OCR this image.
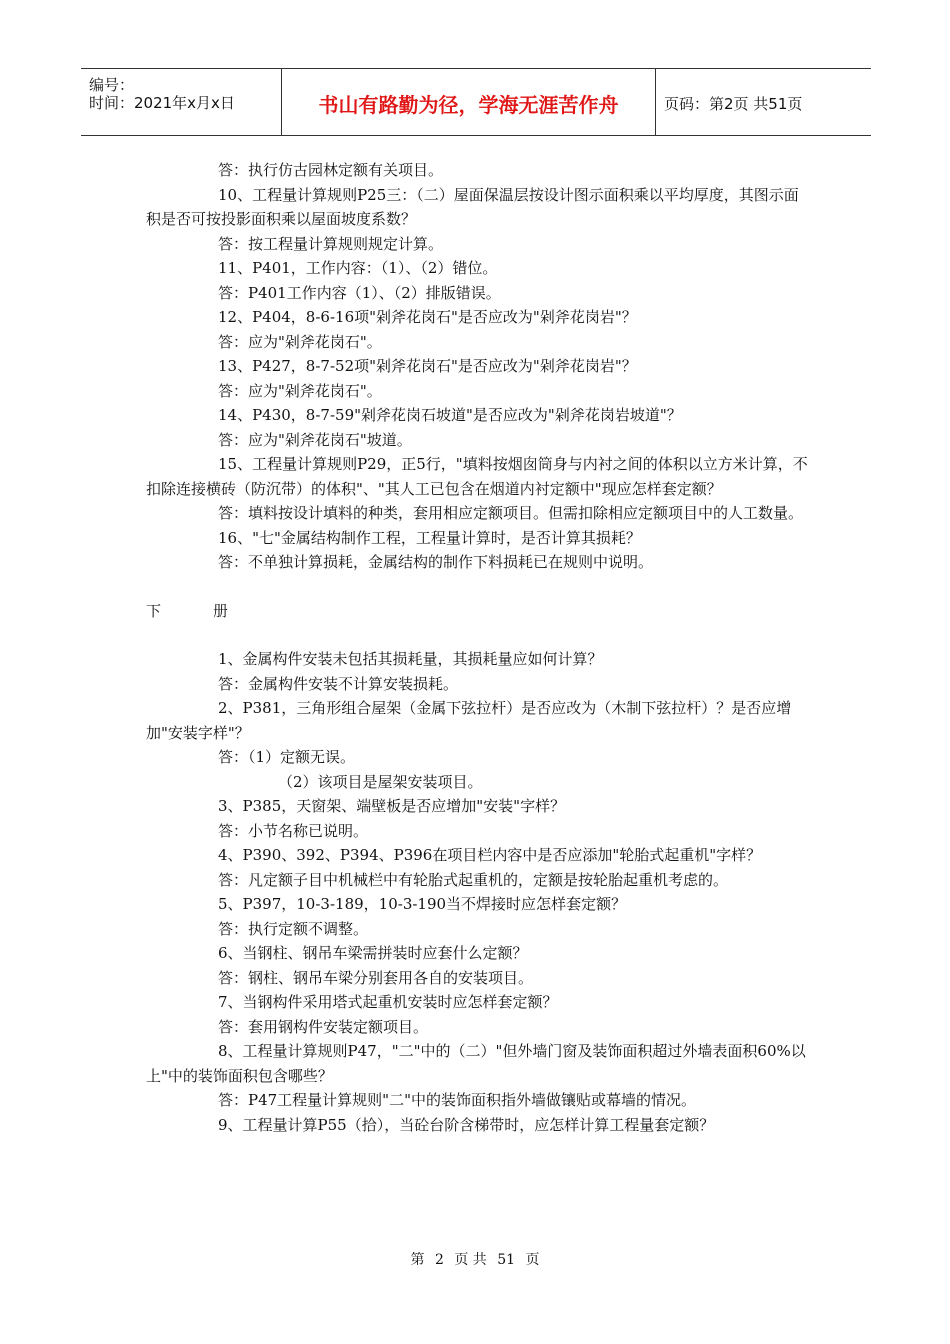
编号：
时间：2021年x月x日	书山有路勤为径，学海无涯苦作舟	页码：第2页 共51页

答：执行仿古园林定额有关项目。

10、工程量计算规则P25三：（二）屋面保温层按设计图示面积乘以平均厚度，其图示面积是否可按投影面积乘以屋面坡度系数？

答：按工程量计算规则规定计算。

11、P401，工作内容：（1）、（2）错位。

答：P401工作内容（1）、（2）排版错误。

12、P404，8-6-16项"剁斧花岗石"是否应改为"剁斧花岗岩"？

答：应为"剁斧花岗石"。

13、P427，8-7-52项"剁斧花岗石"是否应改为"剁斧花岗岩"？

答：应为"剁斧花岗石"。

14、P430，8-7-59"剁斧花岗石坡道"是否应改为"剁斧花岗岩坡道"？

答：应为"剁斧花岗石"坡道。

15、工程量计算规则P29，正5行，"填料按烟囱筒身与内衬之间的体积以立方米计算，不扣除连接横砖（防沉带）的体积"、"其人工已包含在烟道内衬定额中"现应怎样套定额？

答：填料按设计填料的种类，套用相应定额项目。但需扣除相应定额项目中的人工数量。

16、"七"金属结构制作工程，工程量计算时，是否计算其损耗？

答：不单独计算损耗，金属结构的制作下料损耗已在规则中说明。

下册

1、金属构件安装未包括其损耗量，其损耗量应如何计算？

答：金属构件安装不计算安装损耗。

2、P381，三角形组合屋架（金属下弦拉杆）是否应改为（木制下弦拉杆）？是否应增加"安装字样"？

答：（1）定额无误。

（2）该项目是屋架安装项目。

3、P385，天窗架、端壁板是否应增加"安装"字样？

答：小节名称已说明。

4、P390、392、P394、P396在项目栏内容中是否应添加"轮胎式起重机"字样？

答：凡定额子目中机械栏中有轮胎式起重机的，定额是按轮胎起重机考虑的。

5、P397，10-3-189，10-3-190当不焊接时应怎样套定额？

答：执行定额不调整。

6、当钢柱、钢吊车梁需拼装时应套什么定额？

答：钢柱、钢吊车梁分别套用各自的安装项目。

7、当钢构件采用塔式起重机安装时应怎样套定额？

答：套用钢构件安装定额项目。

8、工程量计算规则P47，"二"中的（二）"但外墙门窗及装饰面积超过外墙表面积60%以上"中的装饰面积包含哪些？

答：P47工程量计算规则"二"中的装饰面积指外墙做镶贴或幕墙的情况。

9、工程量计算P55（拾），当砼台阶含梯带时，应怎样计算工程量套定额？

第 2 页 共 51 页
